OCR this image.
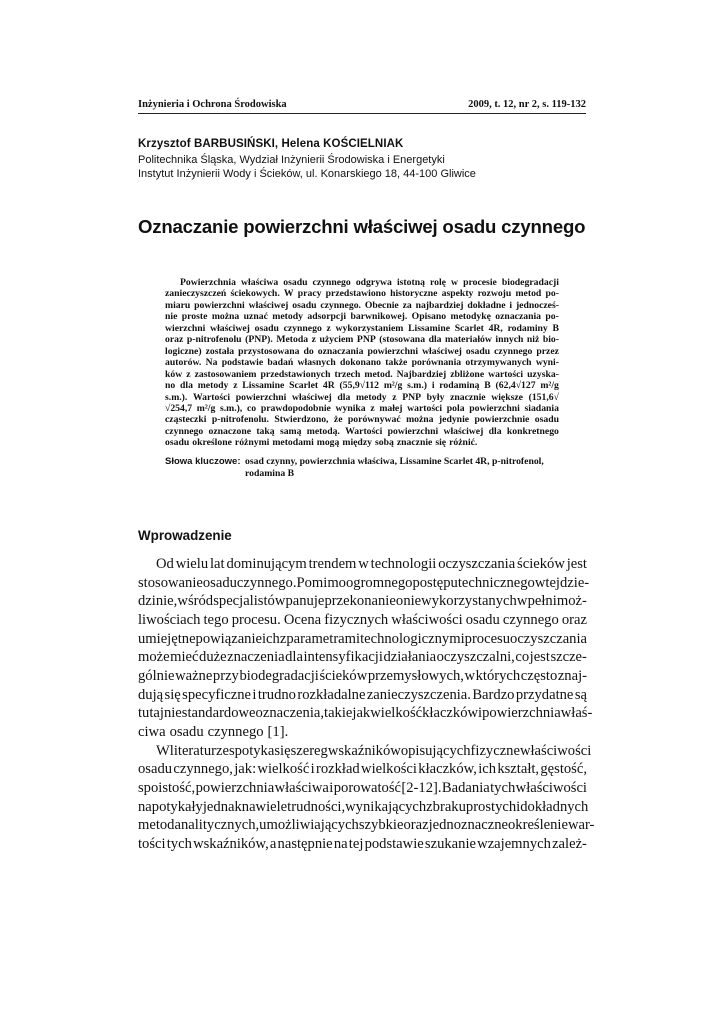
Inżynieria i Ochrona Środowiska	2009, t. 12, nr 2, s. 119-132
Krzysztof BARBUSIŃSKI, Helena KOŚCIELNIAK
Politechnika Śląska, Wydział Inżynierii Środowiska i Energetyki
Instytut Inżynierii Wody i Ścieków, ul. Konarskiego 18, 44-100 Gliwice
Oznaczanie powierzchni właściwej osadu czynnego
Powierzchnia właściwa osadu czynnego odgrywa istotną rolę w procesie biodegradacji
zanieczyszczeń ściekowych. W pracy przedstawiono historyczne aspekty rozwoju metod po-
miaru powierzchni właściwej osadu czynnego. Obecnie za najbardziej dokładne i jednocześ-
nie proste można uznać metody adsorpcji barwnikowej. Opisano metodykę oznaczania po-
wierzchni właściwej osadu czynnego z wykorzystaniem Lissamine Scarlet 4R, rodaminy B
oraz p-nitrofenolu (PNP). Metoda z użyciem PNP (stosowana dla materiałów innych niż bio-
logiczne) została przystosowana do oznaczania powierzchni właściwej osadu czynnego przez
autorów. Na podstawie badań własnych dokonano także porównania otrzymywanych wyni-
ków z zastosowaniem przedstawionych trzech metod. Najbardziej zbliżone wartości uzyska-
no dla metody z Lissamine Scarlet 4R (55,9√112 m²/g s.m.) i rodaminą B (62,4√127 m²/g
s.m.). Wartości powierzchni właściwej dla metody z PNP były znacznie większe (151,6√
√254,7 m²/g s.m.), co prawdopodobnie wynika z małej wartości pola powierzchni siadania
cząsteczki p-nitrofenolu. Stwierdzono, że porównywać można jedynie powierzchnie osadu
czynnego oznaczone taką samą metodą. Wartości powierzchni właściwej dla konkretnego
osadu określone różnymi metodami mogą między sobą znacznie się różnić.
Słowa kluczowe: osad czynny, powierzchnia właściwa, Lissamine Scarlet 4R, p-nitrofenol,
rodamina B
Wprowadzenie
Od wielu lat dominującym trendem w technologii oczyszczania ścieków jest
stosowanie osadu czynnego. Pomimo ogromnego postępu technicznego w tej dzie-
dzinie, wśród specjalistów panuje przekonanie o niewykorzystanych w pełni moż-
liwościach tego procesu. Ocena fizycznych właściwości osadu czynnego oraz
umiejętne powiązanie ich z parametrami technologicznymi procesu oczyszczania
może mieć duże znaczenia dla intensyfikacji działania oczyszczalni, co jest szcze-
gólnie ważne przy biodegradacji ścieków przemysłowych, w których często znaj-
dują się specyficzne i trudno rozkładalne zanieczyszczenia. Bardzo przydatne są
tutaj niestandardowe oznaczenia, takie jak wielkość kłaczków i powierzchnia właś-
ciwa osadu czynnego [1].
W literaturze spotyka się szereg wskaźników opisujących fizyczne właściwości
osadu czynnego, jak: wielkość i rozkład wielkości kłaczków, ich kształt, gęstość,
spoistość, powierzchnia właściwa i porowatość [2-12]. Badania tych właściwości
napotykały jednak na wiele trudności, wynikających z braku prostych i dokładnych
metod analitycznych, umożliwiających szybkie oraz jednoznaczne określenie war-
tości tych wskaźników, a następnie na tej podstawie szukanie wzajemnych zależ-
